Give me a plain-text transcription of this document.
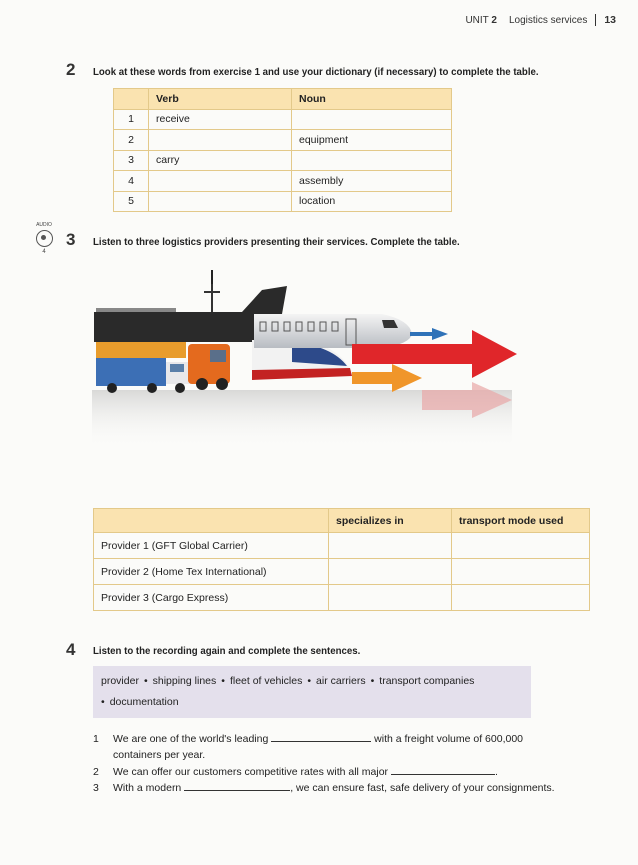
UNIT 2 Logistics services 13
2 Look at these words from exercise 1 and use your dictionary (if necessary) to complete the table.
	Verb	Noun
1	receive	
2		equipment
3	carry	
4		assembly
5		location
AUDIO
4
3 Listen to three logistics providers presenting their services. Complete the table.
	specializes in	transport mode used
Provider 1 (GFT Global Carrier)		
Provider 2 (Home Tex International)		
Provider 3 (Cargo Express)		
4 Listen to the recording again and complete the sentences.
provider • shipping lines • fleet of vehicles • air carriers • transport companies
• documentation
1 We are one of the world's leading	with a freight volume of 600,000
containers per year.
2 We can offer our customers competitive rates with all major	.
3 With a modern	, we can ensure fast, safe delivery of your consignments.
